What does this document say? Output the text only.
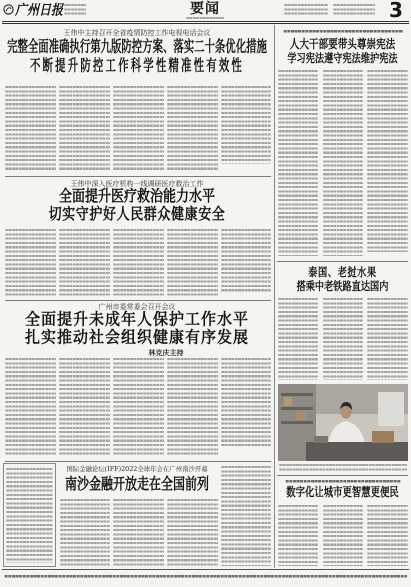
广州日报	要闻	3
王伟中主持召开全省疫情防控工作电视电话会议
完整全面准确执行第九版防控方案、落实二十条优化措施
不断提升防控工作科学性精准性有效性
王伟中深入医疗机构一线调研医疗救治工作
全面提升医疗救治能力水平
切实守护好人民群众健康安全
广州市委常委会召开会议
全面提升未成年人保护工作水平
扎实推动社会组织健康有序发展
林克庆主持
国际金融论坛(IFF)2022全球年会在广州南沙开幕
南沙金融开放走在全国前列
人大干部要带头尊崇宪法
学习宪法遵守宪法维护宪法
泰国、老挝水果
搭乘中老铁路直达国内
数字化让城市更智慧更便民
